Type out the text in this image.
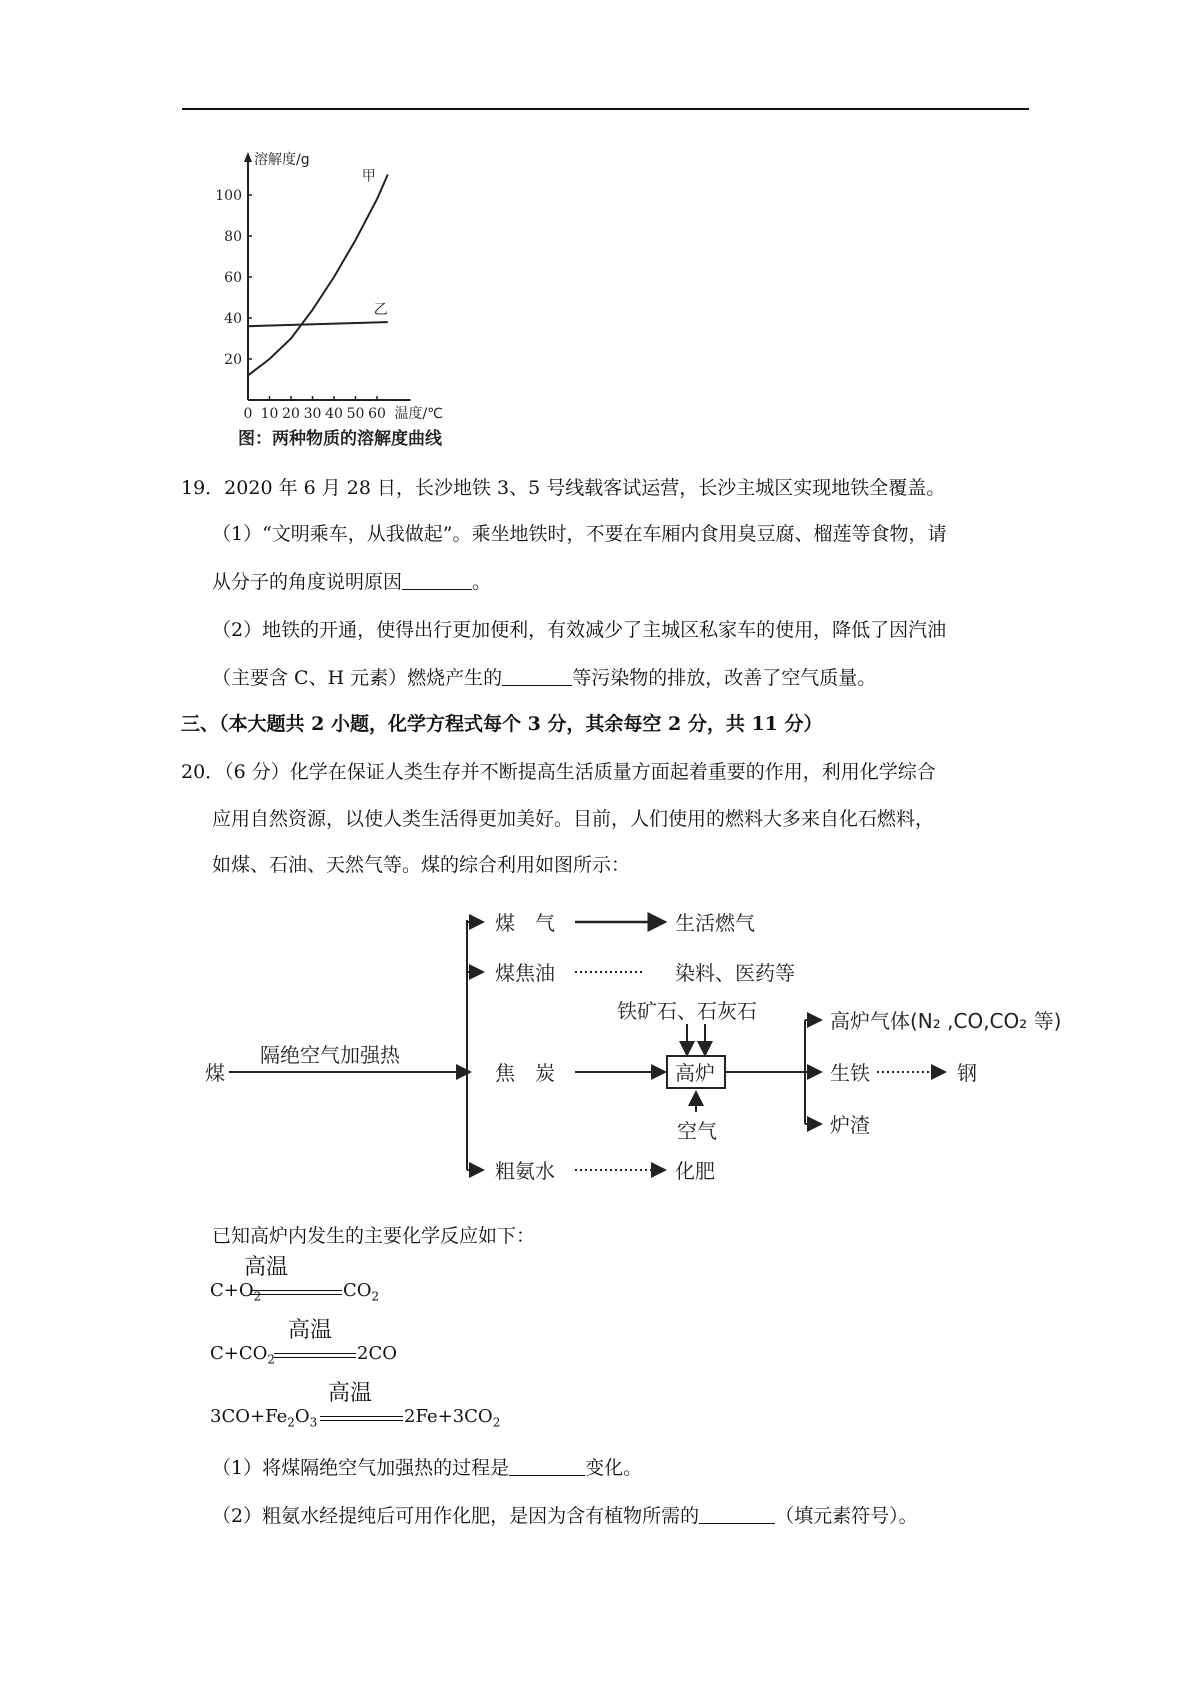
溶解度/g
20
40
60
80
100
0 10 20 30 40 50 60 温度/℃
甲
乙
图：两种物质的溶解度曲线
19．2020 年 6 月 28 日，长沙地铁 3、5 号线载客试运营，长沙主城区实现地铁全覆盖。
（1）“文明乘车，从我做起”。乘坐地铁时，不要在车厢内食用臭豆腐、榴莲等食物，请
从分子的角度说明原因	。
（2）地铁的开通，使得出行更加便利，有效减少了主城区私家车的使用，降低了因汽油
（主要含 C、H 元素）燃烧产生的	等污染物的排放，改善了空气质量。
三、（本大题共 2 小题，化学方程式每个 3 分，其余每空 2 分，共 11 分）
20．（6 分）化学在保证人类生存并不断提高生活质量方面起着重要的作用，利用化学综合
应用自然资源，以使人类生活得更加美好。目前，人们使用的燃料大多来自化石燃料，
如煤、石油、天然气等。煤的综合利用如图所示：
煤
隔绝空气加强热
煤　气	生活燃气
煤焦油	染料、医药等
焦　炭
铁矿石、石灰石
高炉
空气
高炉气体(N₂ ,CO,CO₂ 等)
生铁	钢
炉渣
粗氨水	化肥
已知高炉内发生的主要化学反应如下：
高温
$C+O_2$	$CO_2$
高温
$C+CO_2$	2CO
高温
$3CO+Fe_2O_3$	$2Fe+3CO_2$
（1）将煤隔绝空气加强热的过程是	变化。
（2）粗氨水经提纯后可用作化肥，是因为含有植物所需的	（填元素符号）。
